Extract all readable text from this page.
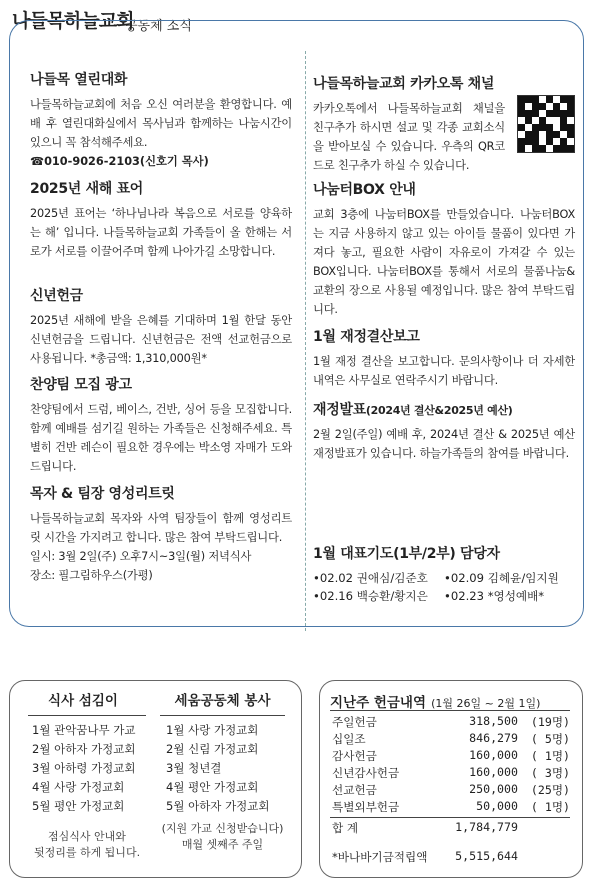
나들목하늘교회
공동체 소식
나들목 열린대화

나들목하늘교회에 처음 오신 여러분을 환영합니다. 예배 후 열린대화실에서 목사님과 함께하는 나눔시간이 있으니 꼭 참석해주세요.

☎010-9026-2103(신호기 목사)
2025년 새해 표어

2025년 표어는 ‘하나님나라 복음으로 서로를 양육하는 해’ 입니다. 나들목하늘교회 가족들이 올 한해는 서로가 서로를 이끌어주며 함께 나아가길 소망합니다.

신년헌금

2025년 새해에 받을 은혜를 기대하며 1월 한달 동안 신년헌금을 드립니다. 신년헌금은 전액 선교헌금으로 사용됩니다. *총금액: 1,310,000원*

찬양팀 모집 광고

찬양팀에서 드럼, 베이스, 건반, 싱어 등을 모집합니다. 함께 예배를 섬기길 원하는 가족들은 신청해주세요. 특별히 건반 레슨이 필요한 경우에는 박소영 자매가 도와드립니다.

목자 & 팀장 영성리트릿

나들목하늘교회 목자와 사역 팀장들이 함께 영성리트릿 시간을 가지려고 합니다. 많은 참여 부탁드립니다.

일시: 3월 2일(주) 오후7시~3일(월) 저녁식사

장소: 필그림하우스(가평)

나들목하늘교회 카카오톡 채널

카카오톡에서 나들목하늘교회 채널을 친구추가 하시면 설교 및 각종 교회소식을 받아보실 수 있습니다. 우측의 QR코드로 친구추가 하실 수 있습니다.

나눔터BOX 안내

교회 3층에 나눔터BOX를 만들었습니다. 나눔터BOX는 지금 사용하지 않고 있는 아이들 물품이 있다면 가져다 놓고, 필요한 사람이 자유로이 가져갈 수 있는 BOX입니다. 나눔터BOX를 통해서 서로의 물품나눔&교환의 장으로 사용될 예정입니다. 많은 참여 부탁드립니다.

1월 재정결산보고

1월 재정 결산을 보고합니다. 문의사항이나 더 자세한 내역은 사무실로 연락주시기 바랍니다.

재정발표(2024년 결산&2025년 예산)

2월 2일(주일) 예배 후, 2024년 결산 & 2025년 예산 재정발표가 있습니다. 하늘가족들의 참여를 바랍니다.

1월 대표기도(1부/2부) 담당자
•02.02 권애심/김준호 •02.09 김혜윤/임지원
•02.16 백승환/황지은 •02.23 *영성예배*
식사 섬김이
1월 관악꿈나무 가교
2월 아하자 가정교회
3월 아하령 가정교회
4월 사랑 가정교회
5월 평안 가정교회
점심식사 안내와
뒷정리를 하게 됩니다.
세움공동체 봉사
1월 사랑 가정교회
2월 신림 가정교회
3월 청년결
4월 평안 가정교회
5월 아하자 가정교회
(지원 가교 신청받습니다)
매월 셋째주 주일
지난주 헌금내역 (1월 26일 ~ 2월 1일)
주일헌금	318,500 (19명)
십일조	846,279 ( 5명)
감사헌금	160,000 ( 1명)
신년감사헌금	160,000 ( 3명)
선교헌금	250,000 (25명)
특별외부헌금	50,000 ( 1명)
합 계	1,784,779
*바나바기금적립액 5,515,644
